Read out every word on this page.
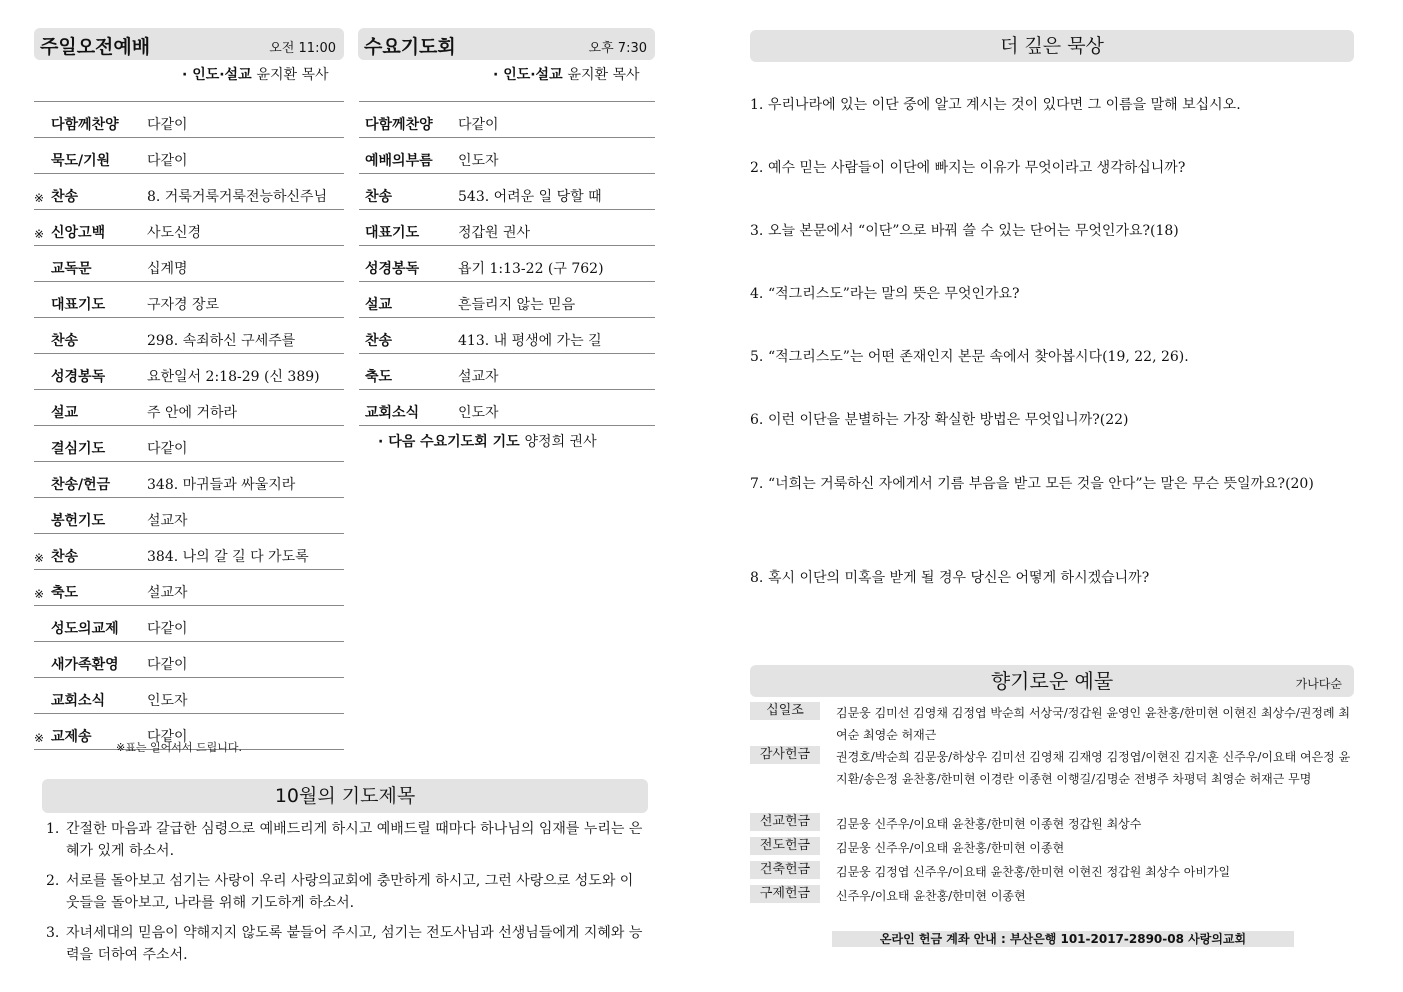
주일오전예배	오전 11:00
· 인도·설교 윤지환 목사
다함께찬양	다같이
묵도/기원	다같이
※ 찬송	8. 거룩거룩거룩전능하신주님
※ 신앙고백	사도신경
교독문	십계명
대표기도	구자경 장로
찬송	298. 속죄하신 구세주를
성경봉독	요한일서 2:18-29 (신 389)
설교	주 안에 거하라
결심기도	다같이
찬송/헌금	348. 마귀들과 싸울지라
봉헌기도	설교자
※ 찬송	384. 나의 갈 길 다 가도록
※ 축도	설교자
성도의교제	다같이
새가족환영	다같이
교회소식	인도자
※ 교제송	다같이
※표는 일어서서 드립니다.
수요기도회	오후 7:30
· 인도·설교 윤지환 목사
다함께찬양	다같이
예배의부름	인도자
찬송	543. 어려운 일 당할 때
대표기도	정갑원 권사
성경봉독	욥기 1:13-22 (구 762)
설교	흔들리지 않는 믿음
찬송	413. 내 평생에 가는 길
축도	설교자
교회소식	인도자
· 다음 수요기도회 기도 양정희 권사
10월의 기도제목
1. 간절한 마음과 갈급한 심령으로 예배드리게 하시고 예배드릴 때마다 하나님의 임재를 누리는 은혜가 있게 하소서.
2. 서로를 돌아보고 섬기는 사랑이 우리 사랑의교회에 충만하게 하시고, 그런 사랑으로 성도와 이웃들을 돌아보고, 나라를 위해 기도하게 하소서.
3. 자녀세대의 믿음이 약해지지 않도록 붙들어 주시고, 섬기는 전도사님과 선생님들에게 지혜와 능력을 더하여 주소서.
더 깊은 묵상
1. 우리나라에 있는 이단 중에 알고 계시는 것이 있다면 그 이름을 말해 보십시오.
2. 예수 믿는 사람들이 이단에 빠지는 이유가 무엇이라고 생각하십니까?
3. 오늘 본문에서 “이단”으로 바꿔 쓸 수 있는 단어는 무엇인가요?(18)
4. “적그리스도”라는 말의 뜻은 무엇인가요?
5. “적그리스도”는 어떤 존재인지 본문 속에서 찾아봅시다(19, 22, 26).
6. 이런 이단을 분별하는 가장 확실한 방법은 무엇입니까?(22)
7. “너희는 거룩하신 자에게서 기름 부음을 받고 모든 것을 안다”는 말은 무슨 뜻일까요?(20)
8. 혹시 이단의 미혹을 받게 될 경우 당신은 어떻게 하시겠습니까?
향기로운 예물	가나다순
십일조	김문웅 김미선 김영채 김정엽 박순희 서상국/정갑원 윤영인 윤찬홍/한미현 이현진 최상수/권정례 최여순 최영순 허재근
감사헌금	권경호/박순희 김문웅/하상우 김미선 김영채 김재영 김정엽/이현진 김지훈 신주우/이요태 여은정 윤지환/송은정 윤찬홍/한미현 이경란 이종현 이행길/김명순 전병주 차평덕 최영순 허재근 무명
선교헌금	김문웅 신주우/이요태 윤찬홍/한미현 이종현 정갑원 최상수
전도헌금	김문웅 신주우/이요태 윤찬홍/한미현 이종현
건축헌금	김문웅 김정엽 신주우/이요태 윤찬홍/한미현 이현진 정갑원 최상수 아비가일
구제헌금	신주우/이요태 윤찬홍/한미현 이종현
온라인 헌금 계좌 안내 : 부산은행 101-2017-2890-08 사랑의교회
